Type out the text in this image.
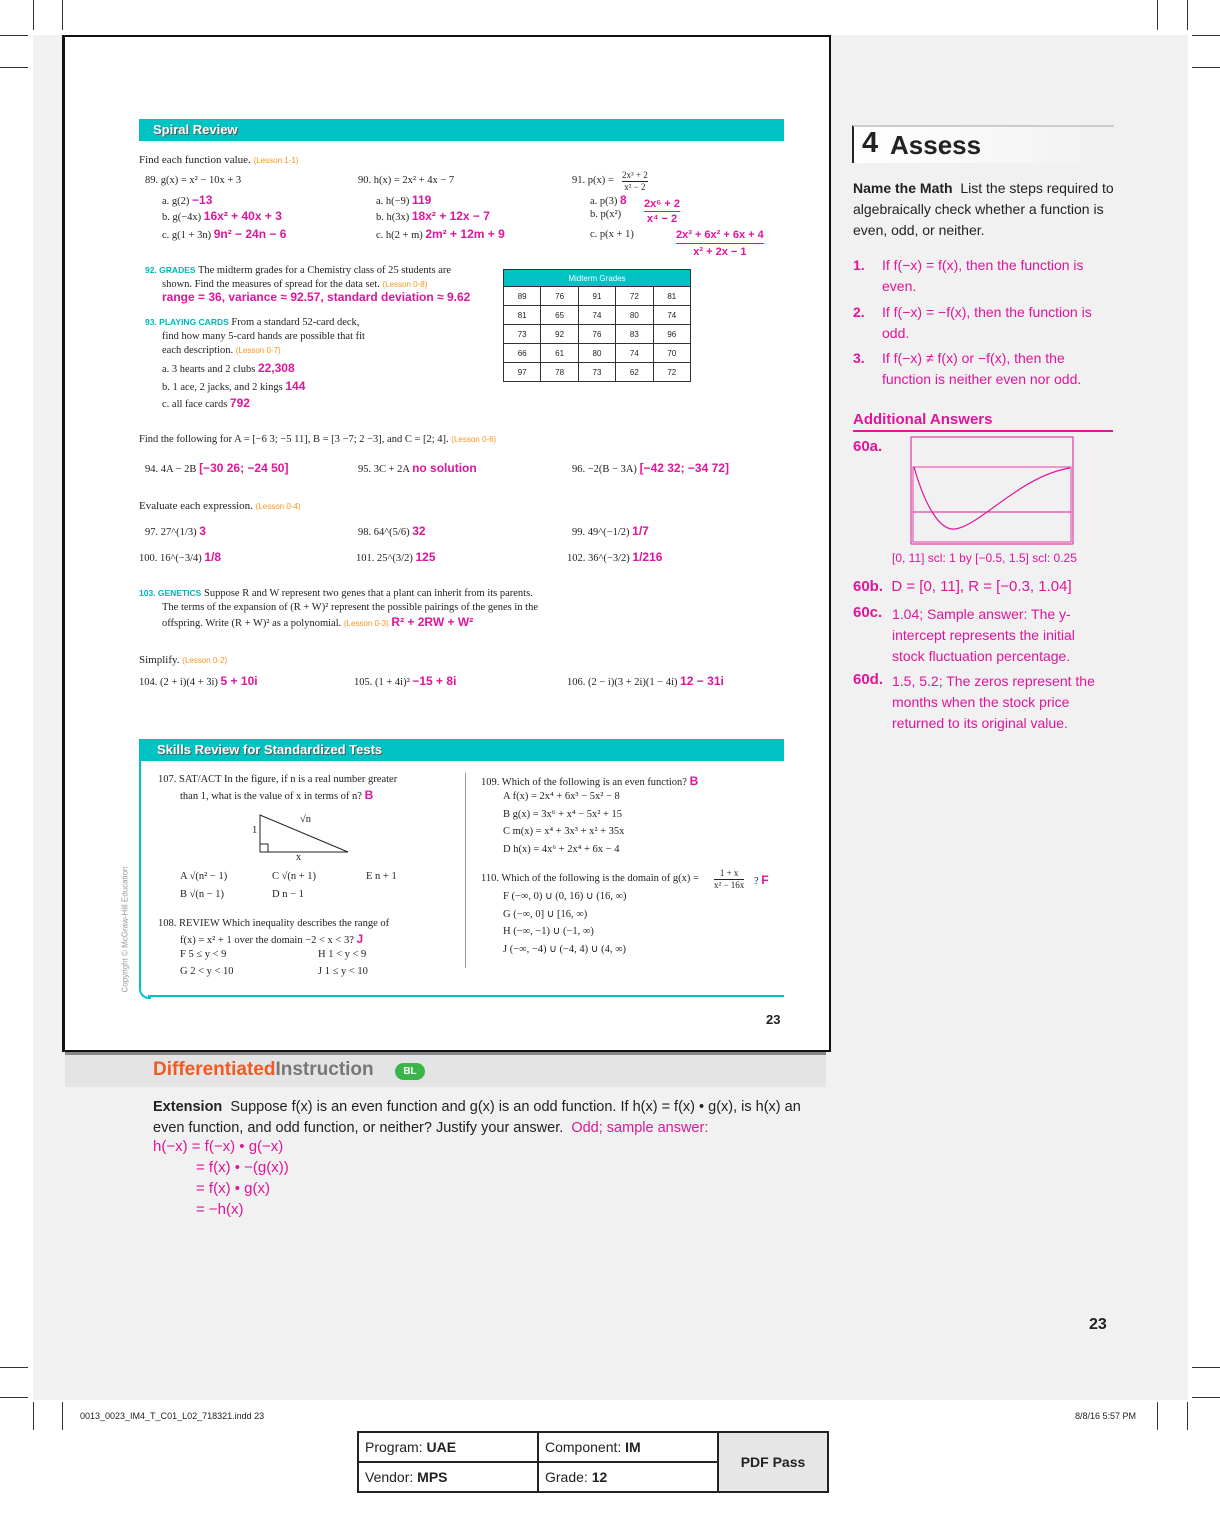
Spiral Review
Find each function value. (Lesson 1-1)
89. g(x) = x² − 10x + 3
a. g(2) −13
b. g(−4x) 16x² + 40x + 3
c. g(1 + 3n) 9n² − 24n − 6
90. h(x) = 2x² + 4x − 7
a. h(−9) 119
b. h(3x) 18x² + 12x − 7
c. h(2 + m) 2m² + 12m + 9
91. p(x) = 2x³ + 2
x² − 2
a. p(3) 8
b. p(x²)
2x⁶ + 2
x⁴ − 2
c. p(x + 1)	2x³ + 6x² + 6x + 4
x² + 2x − 1
92. GRADES The midterm grades for a Chemistry class of 25 students are
shown. Find the measures of spread for the data set. (Lesson 0-8)
range = 36, variance ≈ 92.57, standard deviation ≈ 9.62
93. PLAYING CARDS From a standard 52-card deck,
find how many 5-card hands are possible that fit
each description. (Lesson 0-7)
a. 3 hearts and 2 clubs 22,308
b. 1 ace, 2 jacks, and 2 kings 144
c. all face cards 792
Midterm Grades				
89	76	91	72	81
81	65	74	80	74
73	92	76	83	96
66	61	80	74	70
97	78	73	62	72
Find the following for A = [−6 3; −5 11], B = [3 −7; 2 −3], and C = [2; 4]. (Lesson 0-6)
94. 4A − 2B [−30 26; −24 50]	95. 3C + 2A no solution	96. −2(B − 3A) [−42 32; −34 72]
Evaluate each expression. (Lesson 0-4)
97. 27^(1/3) 3	98. 64^(5/6) 32	99. 49^(−1/2) 1/7
100. 16^(−3/4) 1/8	101. 25^(3/2) 125	102. 36^(−3/2) 1/216
103. GENETICS Suppose R and W represent two genes that a plant can inherit from its parents.
The terms of the expansion of (R + W)² represent the possible pairings of the genes in the
offspring. Write (R + W)² as a polynomial. (Lesson 0-3) R² + 2RW + W²
Simplify. (Lesson 0-2)
104. (2 + i)(4 + 3i) 5 + 10i	105. (1 + 4i)² −15 + 8i	106. (2 − i)(3 + 2i)(1 − 4i) 12 − 31i
Skills Review for Standardized Tests
107. SAT/ACT In the figure, if n is a real number greater
than 1, what is the value of x in terms of n? B
1
√n
x
A √(n² − 1)	C √(n + 1)	E n + 1
B √(n − 1)	D n − 1
108. REVIEW Which inequality describes the range of
f(x) = x² + 1 over the domain −2 < x < 3? J
F 5 ≤ y < 9	H 1 < y < 9
G 2 < y < 10	J 1 ≤ y < 10
109. Which of the following is an even function? B
A f(x) = 2x⁴ + 6x³ − 5x² − 8
B g(x) = 3x⁶ + x⁴ − 5x² + 15
C m(x) = x⁴ + 3x³ + x² + 35x
D h(x) = 4x⁶ + 2x⁴ + 6x − 4
110. Which of the following is the domain of g(x) =	1 + x
x² − 16x ? F
F (−∞, 0) ∪ (0, 16) ∪ (16, ∞)
G (−∞, 0] ∪ [16, ∞)
H (−∞, −1) ∪ (−1, ∞)
J (−∞, −4) ∪ (−4, 4) ∪ (4, ∞)
Copyright © McGraw-Hill Education
23
4 Assess
Name the Math List the steps required to algebraically check whether a function is even, odd, or neither.
1. If f(−x) = f(x), then the function is even.
2. If f(−x) = −f(x), then the function is odd.
3. If f(−x) ≠ f(x) or −f(x), then the function is neither even nor odd.
Additional Answers
60a.
[0, 11] scl: 1 by [−0.5, 1.5] scl: 0.25
60b. D = [0, 11], R = [−0.3, 1.04]
60c. 1.04; Sample answer: The y-intercept represents the initial stock fluctuation percentage.
60d. 1.5, 5.2; The zeros represent the months when the stock price returned to its original value.
DifferentiatedInstruction	BL
Extension Suppose f(x) is an even function and g(x) is an odd function. If h(x) = f(x) • g(x), is h(x) an even function, and odd function, or neither? Justify your answer. Odd; sample answer:
h(−x) = f(−x) • g(−x)
= f(x) • −(g(x))
= f(x) • g(x)
= −h(x)
23
0013_0023_IM4_T_C01_L02_718321.indd 23	8/8/16 5:57 PM
Program: UAE	Component: IM	PDF Pass
Vendor: MPS	Grade: 12	
